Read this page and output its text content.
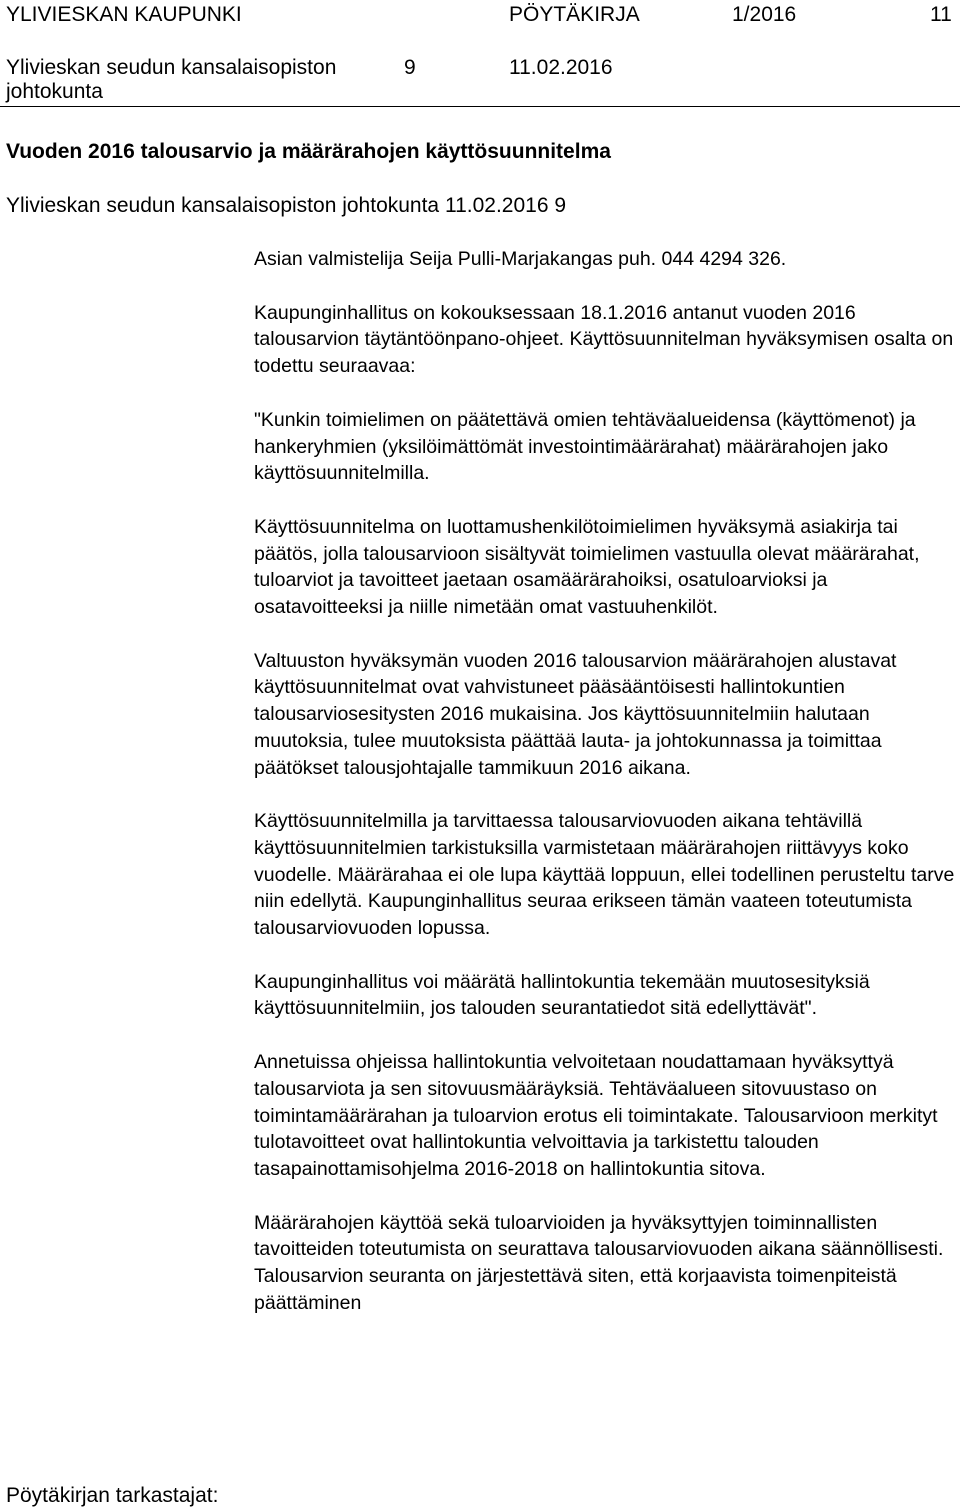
YLIVIESKAN KAUPUNKI	PÖYTÄKIRJA	1/2016	11
Ylivieskan seudun kansalaisopiston	9	11.02.2016
johtokunta
Vuoden 2016 talousarvio ja määrärahojen käyttösuunnitelma
Ylivieskan seudun kansalaisopiston johtokunta 11.02.2016 9

Asian valmistelija Seija Pulli-Marjakangas puh. 044 4294 326.

Kaupunginhallitus on kokouksessaan 18.1.2016 antanut vuoden 2016 talousarvion täytäntöönpano-ohjeet. Käyttösuunnitelman hyväksymisen osalta on todettu seuraavaa:

"Kunkin toimielimen on päätettävä omien tehtäväalueidensa (käyttömenot) ja hankeryhmien (yksilöimättömät investointimäärärahat) määrärahojen jako käyttösuunnitelmilla.

Käyttösuunnitelma on luottamushenkilötoimielimen hyväksymä asiakirja tai päätös, jolla talousarvioon sisältyvät toimielimen vastuulla olevat määrärahat, tuloarviot ja tavoitteet jaetaan osamäärärahoiksi, osatuloarvioksi ja osatavoitteeksi ja niille nimetään omat vastuuhenkilöt.

Valtuuston hyväksymän vuoden 2016 talousarvion määrärahojen alustavat käyttösuunnitelmat ovat vahvistuneet pääsääntöisesti hallintokuntien talousarviosesitysten 2016 mukaisina. Jos käyttösuunnitelmiin halutaan muutoksia, tulee muutoksista päättää lauta- ja johtokunnassa ja toimittaa päätökset talousjohtajalle tammikuun 2016 aikana.

Käyttösuunnitelmilla ja tarvittaessa talousarviovuoden aikana tehtävillä käyttösuunnitelmien tarkistuksilla varmistetaan määrärahojen riittävyys koko vuodelle. Määrärahaa ei ole lupa käyttää loppuun, ellei todellinen perusteltu tarve niin edellytä. Kaupunginhallitus seuraa erikseen tämän vaateen toteutumista talousarviovuoden lopussa.

Kaupunginhallitus voi määrätä hallintokuntia tekemään muutosesityksiä käyttösuunnitelmiin, jos talouden seurantatiedot sitä edellyttävät".

Annetuissa ohjeissa hallintokuntia velvoitetaan noudattamaan hyväksyttyä talousarviota ja sen sitovuusmääräyksiä. Tehtäväalueen sitovuustaso on toimintamäärärahan ja tuloarvion erotus eli toimintakate. Talousarvioon merkityt tulotavoitteet ovat hallintokuntia velvoittavia ja tarkistettu talouden tasapainottamisohjelma 2016-2018 on hallintokuntia sitova.

Määrärahojen käyttöä sekä tuloarvioiden ja hyväksyttyjen toiminnallisten tavoitteiden toteutumista on seurattava talousarviovuoden aikana säännöllisesti. Talousarvion seuranta on järjestettävä siten, että korjaavista toimenpiteistä päättäminen

Pöytäkirjan tarkastajat:
